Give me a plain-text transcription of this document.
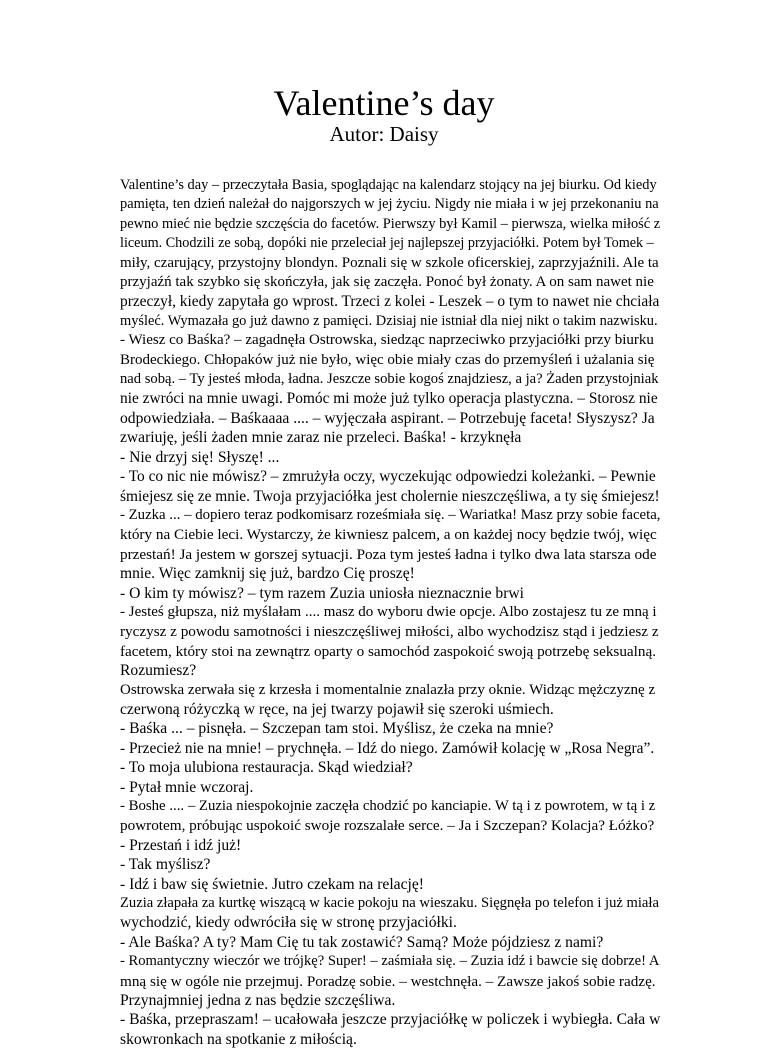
Valentine’s day
Autor: Daisy
Valentine’s day – przeczytała Basia, spoglądając na kalendarz stojący na jej biurku. Od kiedy
pamięta, ten dzień należał do najgorszych w jej życiu. Nigdy nie miała i w jej przekonaniu na
pewno mieć nie będzie szczęścia do facetów. Pierwszy był Kamil – pierwsza, wielka miłość z
liceum. Chodzili ze sobą, dopóki nie przeleciał jej najlepszej przyjaciółki. Potem był Tomek –
miły, czarujący, przystojny blondyn. Poznali się w szkole oficerskiej, zaprzyjaźnili. Ale ta
przyjaźń tak szybko się skończyła, jak się zaczęła. Ponoć był żonaty. A on sam nawet nie
przeczył, kiedy zapytała go wprost. Trzeci z kolei - Leszek – o tym to nawet nie chciała
myśleć. Wymazała go już dawno z pamięci. Dzisiaj nie istniał dla niej nikt o takim nazwisku.
- Wiesz co Baśka? – zagadnęła Ostrowska, siedząc naprzeciwko przyjaciółki przy biurku
Brodeckiego. Chłopaków już nie było, więc obie miały czas do przemyśleń i użalania się
nad sobą. – Ty jesteś młoda, ładna. Jeszcze sobie kogoś znajdziesz, a ja? Żaden przystojniak
nie zwróci na mnie uwagi. Pomóc mi może już tylko operacja plastyczna. – Storosz nie
odpowiedziała. – Baśkaaaa .... – wyjęczała aspirant. – Potrzebuję faceta! Słyszysz? Ja
zwariuję, jeśli żaden mnie zaraz nie przeleci. Baśka! - krzyknęła
- Nie drzyj się! Słyszę! ...
- To co nic nie mówisz? – zmrużyła oczy, wyczekując odpowiedzi koleżanki. – Pewnie
śmiejesz się ze mnie. Twoja przyjaciółka jest cholernie nieszczęśliwa, a ty się śmiejesz!
- Zuzka ... – dopiero teraz podkomisarz roześmiała się. – Wariatka! Masz przy sobie faceta,
który na Ciebie leci. Wystarczy, że kiwniesz palcem, a on każdej nocy będzie twój, więc
przestań! Ja jestem w gorszej sytuacji. Poza tym jesteś ładna i tylko dwa lata starsza ode
mnie. Więc zamknij się już, bardzo Cię proszę!
- O kim ty mówisz? – tym razem Zuzia uniosła nieznacznie brwi
- Jesteś głupsza, niż myślałam .... masz do wyboru dwie opcje. Albo zostajesz tu ze mną i
ryczysz z powodu samotności i nieszczęśliwej miłości, albo wychodzisz stąd i jedziesz z
facetem, który stoi na zewnątrz oparty o samochód zaspokoić swoją potrzebę seksualną.
Rozumiesz?
Ostrowska zerwała się z krzesła i momentalnie znalazła przy oknie. Widząc mężczyznę z
czerwoną różyczką w ręce, na jej twarzy pojawił się szeroki uśmiech.
- Baśka ... – pisnęła. – Szczepan tam stoi. Myślisz, że czeka na mnie?
- Przecież nie na mnie! – prychnęła. – Idź do niego. Zamówił kolację w „Rosa Negra”.
- To moja ulubiona restauracja. Skąd wiedział?
- Pytał mnie wczoraj.
- Boshe .... – Zuzia niespokojnie zaczęła chodzić po kanciapie. W tą i z powrotem, w tą i z
powrotem, próbując uspokoić swoje rozszalałe serce. – Ja i Szczepan? Kolacja? Łóżko?
- Przestań i idź już!
- Tak myślisz?
- Idź i baw się świetnie. Jutro czekam na relację!
Zuzia złapała za kurtkę wiszącą w kacie pokoju na wieszaku. Sięgnęła po telefon i już miała
wychodzić, kiedy odwróciła się w stronę przyjaciółki.
- Ale Baśka? A ty? Mam Cię tu tak zostawić? Samą? Może pójdziesz z nami?
- Romantyczny wieczór we trójkę? Super! – zaśmiała się. – Zuzia idź i bawcie się dobrze! A
mną się w ogóle nie przejmuj. Poradzę sobie. – westchnęła. – Zawsze jakoś sobie radzę.
Przynajmniej jedna z nas będzie szczęśliwa.
- Baśka, przepraszam! – ucałowała jeszcze przyjaciółkę w policzek i wybiegła. Cała w
skowronkach na spotkanie z miłością.
